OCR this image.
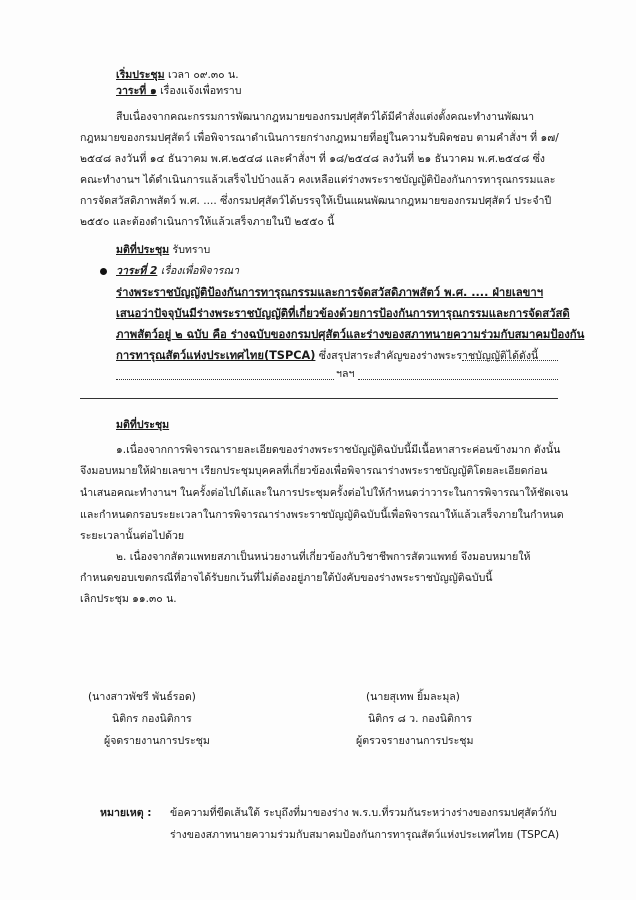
เริ่มประชุม เวลา ๐๙.๓๐ น.
วาระที่ ๑ เรื่องแจ้งเพื่อทราบ
สืบเนื่องจากคณะกรรมการพัฒนากฎหมายของกรมปศุสัตว์ได้มีคำสั่งแต่งตั้งคณะทำงานพัฒนา
กฎหมายของกรมปศุสัตว์ เพื่อพิจารณาดำเนินการยกร่างกฎหมายที่อยู่ในความรับผิดชอบ ตามคำสั่งฯ ที่ ๑๗/
๒๕๔๘ ลงวันที่ ๑๔ ธันวาคม พ.ศ.๒๕๔๘ และคำสั่งฯ ที่ ๑๘/๒๕๔๘ ลงวันที่ ๒๑ ธันวาคม พ.ศ.๒๕๔๘ ซึ่ง
คณะทำงานฯ ได้ดำเนินการแล้วเสร็จไปบ้างแล้ว คงเหลือแต่ร่างพระราชบัญญัติป้องกันการทารุณกรรมและ
การจัดสวัสดิภาพสัตว์ พ.ศ. .... ซึ่งกรมปศุสัตว์ได้บรรจุให้เป็นแผนพัฒนากฎหมายของกรมปศุสัตว์ ประจำปี
๒๕๕๐ และต้องดำเนินการให้แล้วเสร็จภายในปี ๒๕๕๐ นี้
มติที่ประชุม รับทราบ
วาระที่ 2 เรื่องเพื่อพิจารณา
ร่างพระราชบัญญัติป้องกันการทารุณกรรมและการจัดสวัสดิภาพสัตว์ พ.ศ. .... ฝ่ายเลขาฯ
เสนอว่าปัจจุบันมีร่างพระราชบัญญัติที่เกี่ยวข้องด้วยการป้องกันการทารุณกรรมและการจัดสวัสดิ
ภาพสัตว์อยู่ ๒ ฉบับ คือ ร่างฉบับของกรมปศุสัตว์และร่างของสภาทนายความร่วมกับสมาคมป้องกัน
การทารุณสัตว์แห่งประเทศไทย(TSPCA) ซึ่งสรุปสาระสำคัญของร่างพระราชบัญญัติได้ดังนี้
ฯลฯ
มติที่ประชุม
๑.เนื่องจากการพิจารณารายละเอียดของร่างพระราชบัญญัติฉบับนี้มีเนื้อหาสาระค่อนข้างมาก ดังนั้น
จึงมอบหมายให้ฝ่ายเลขาฯ เรียกประชุมบุคคลที่เกี่ยวข้องเพื่อพิจารณาร่างพระราชบัญญัติโดยละเอียดก่อน
นำเสนอคณะทำงานฯ ในครั้งต่อไปได้และในการประชุมครั้งต่อไปให้กำหนดว่าวาระในการพิจารณาให้ชัดเจน
และกำหนดกรอบระยะเวลาในการพิจารณาร่างพระราชบัญญัติฉบับนี้เพื่อพิจารณาให้แล้วเสร็จภายในกำหนด
ระยะเวลานั้นต่อไปด้วย
๒. เนื่องจากสัตวแพทยสภาเป็นหน่วยงานที่เกี่ยวข้องกับวิชาชีพการสัตวแพทย์ จึงมอบหมายให้
กำหนดขอบเขตกรณีที่อาจได้รับยกเว้นที่ไม่ต้องอยู่ภายใต้บังคับของร่างพระราชบัญญัติฉบับนี้
เลิกประชุม ๑๑.๓๐ น.
(นางสาวพัชรี พันธ์รอด)
นิติกร กองนิติการ
ผู้จดรายงานการประชุม
(นายสุเทพ ยิ้มละมุล)
นิติกร ๘ ว. กองนิติการ
ผู้ตรวจรายงานการประชุม
หมายเหตุ : ข้อความที่ขีดเส้นใต้ ระบุถึงที่มาของร่าง พ.ร.บ.ที่รวมกันระหว่างร่างของกรมปศุสัตว์กับ
ร่างของสภาทนายความร่วมกับสมาคมป้องกันการทารุณสัตว์แห่งประเทศไทย (TSPCA)
